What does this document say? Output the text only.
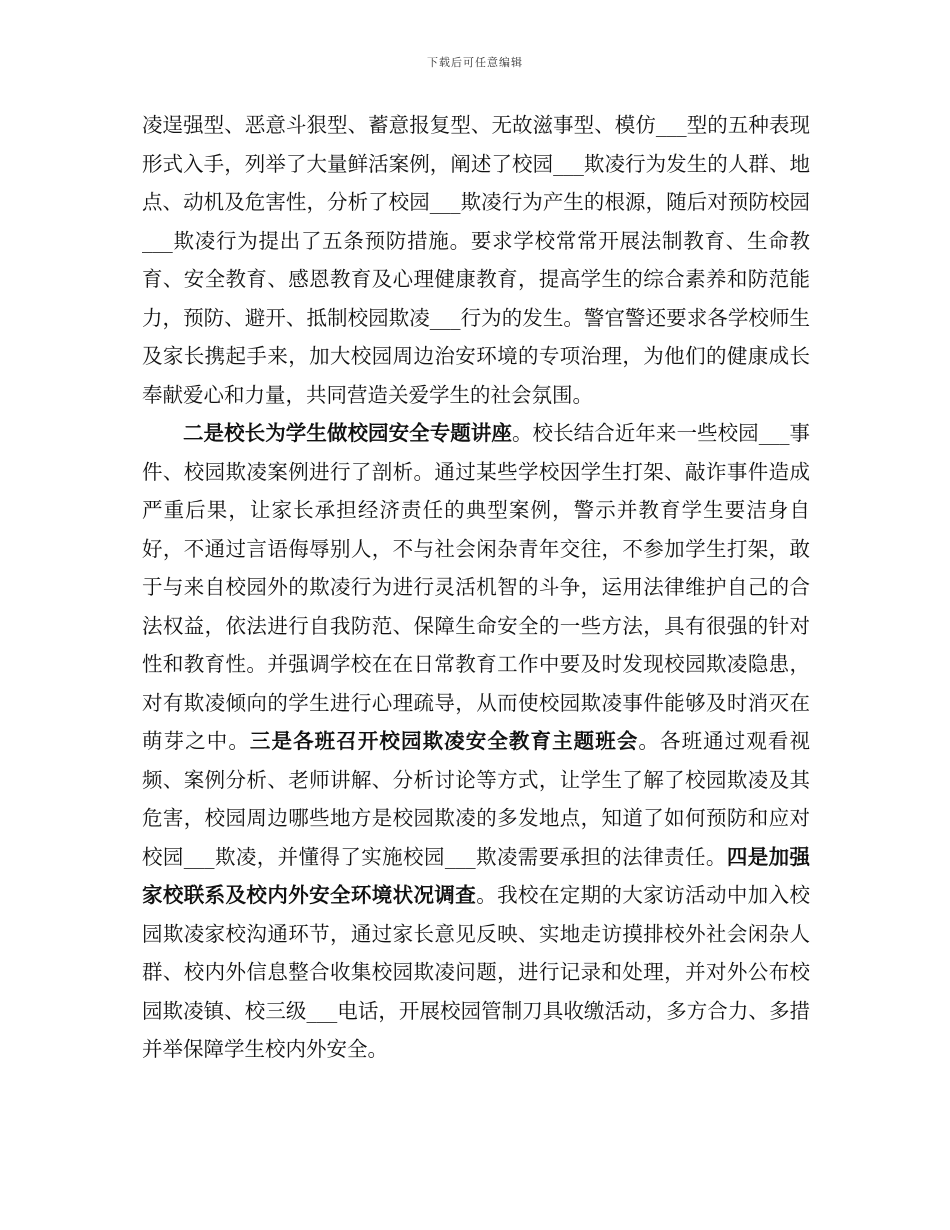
下载后可任意编辑

凌逞强型、恶意斗狠型、蓄意报复型、无故滋事型、模仿___型的五种表现形式入手，列举了大量鲜活案例，阐述了校园___欺凌行为发生的人群、地点、动机及危害性，分析了校园___欺凌行为产生的根源，随后对预防校园___欺凌行为提出了五条预防措施。要求学校常常开展法制教育、生命教育、安全教育、感恩教育及心理健康教育，提高学生的综合素养和防范能力，预防、避开、抵制校园欺凌___行为的发生。警官警还要求各学校师生及家长携起手来，加大校园周边治安环境的专项治理，为他们的健康成长奉献爱心和力量，共同营造关爱学生的社会氛围。

二是校长为学生做校园安全专题讲座。校长结合近年来一些校园___事件、校园欺凌案例进行了剖析。通过某些学校因学生打架、敲诈事件造成严重后果，让家长承担经济责任的典型案例，警示并教育学生要洁身自好，不通过言语侮辱别人，不与社会闲杂青年交往，不参加学生打架，敢于与来自校园外的欺凌行为进行灵活机智的斗争，运用法律维护自己的合法权益，依法进行自我防范、保障生命安全的一些方法，具有很强的针对性和教育性。并强调学校在在日常教育工作中要及时发现校园欺凌隐患，对有欺凌倾向的学生进行心理疏导，从而使校园欺凌事件能够及时消灭在萌芽之中。三是各班召开校园欺凌安全教育主题班会。各班通过观看视频、案例分析、老师讲解、分析讨论等方式，让学生了解了校园欺凌及其危害，校园周边哪些地方是校园欺凌的多发地点，知道了如何预防和应对校园___欺凌，并懂得了实施校园___欺凌需要承担的法律责任。四是加强家校联系及校内外安全环境状况调查。我校在定期的大家访活动中加入校园欺凌家校沟通环节，通过家长意见反映、实地走访摸排校外社会闲杂人群、校内外信息整合收集校园欺凌问题，进行记录和处理，并对外公布校园欺凌镇、校三级___电话，开展校园管制刀具收缴活动，多方合力、多措并举保障学生校内外安全。
